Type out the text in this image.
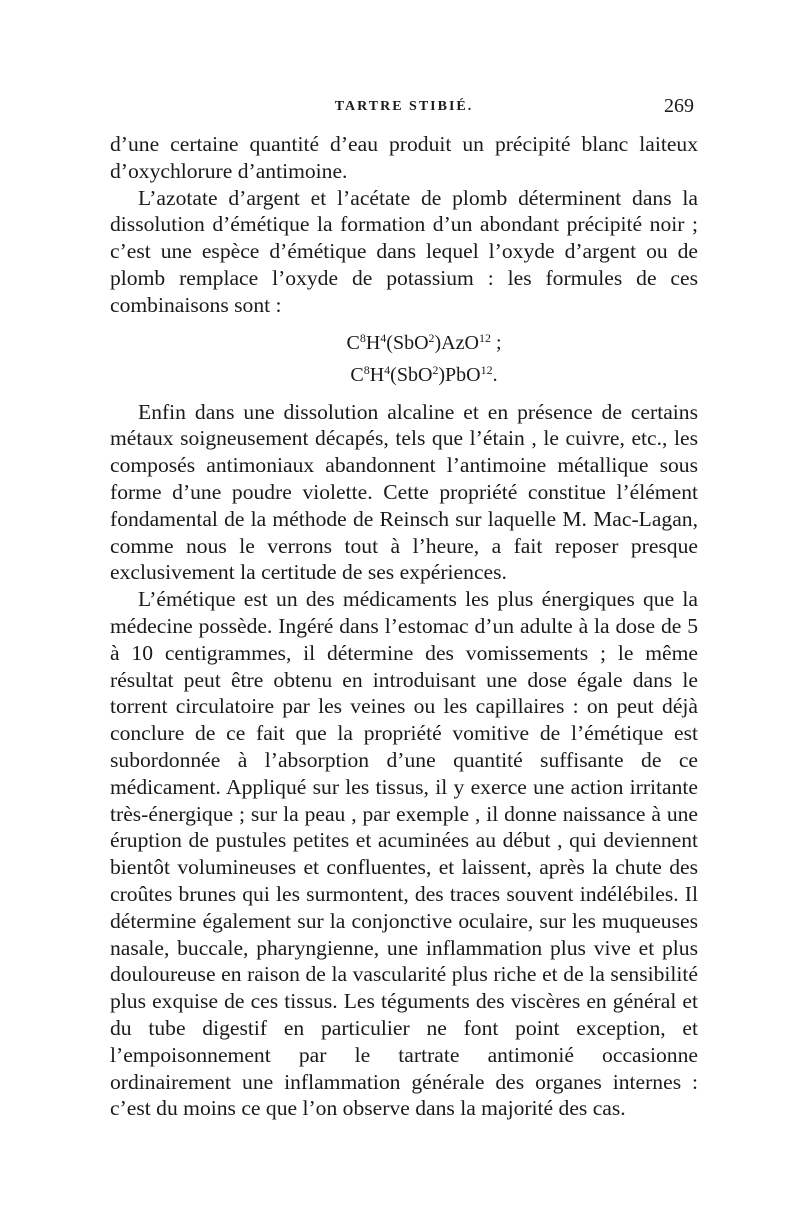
TARTRE STIBIÉ.	269

d’une certaine quantité d’eau produit un précipité blanc laiteux d’oxychlorure d’antimoine.

L’azotate d’argent et l’acétate de plomb déterminent dans la dissolution d’émétique la formation d’un abondant précipité noir ; c’est une espèce d’émétique dans lequel l’oxyde d’argent ou de plomb remplace l’oxyde de potassium : les formules de ces combinaisons sont :

$C^8H^4(SbO^2)AzO^{12}$ ;
$C^8H^4(SbO^2)PbO^{12}$.

Enfin dans une dissolution alcaline et en présence de certains métaux soigneusement décapés, tels que l’étain , le cuivre, etc., les composés antimoniaux abandonnent l’antimoine métallique sous forme d’une poudre violette. Cette propriété constitue l’élément fondamental de la méthode de Reinsch sur laquelle M. Mac-Lagan, comme nous le verrons tout à l’heure, a fait reposer presque exclusivement la certitude de ses expériences.

L’émétique est un des médicaments les plus énergiques que la médecine possède. Ingéré dans l’estomac d’un adulte à la dose de 5 à 10 centigrammes, il détermine des vomissements ; le même résultat peut être obtenu en introduisant une dose égale dans le torrent circulatoire par les veines ou les capillaires : on peut déjà conclure de ce fait que la propriété vomitive de l’émétique est subordonnée à l’absorption d’une quantité suffisante de ce médicament. Appliqué sur les tissus, il y exerce une action irritante très-énergique ; sur la peau , par exemple , il donne naissance à une éruption de pustules petites et acuminées au début , qui deviennent bientôt volumineuses et confluentes, et laissent, après la chute des croûtes brunes qui les surmontent, des traces souvent indélébiles. Il détermine également sur la conjonctive oculaire, sur les muqueuses nasale, buccale, pharyngienne, une inflammation plus vive et plus douloureuse en raison de la vascularité plus riche et de la sensibilité plus exquise de ces tissus. Les téguments des viscères en général et du tube digestif en particulier ne font point exception, et l’empoisonnement par le tartrate antimonié occasionne ordinairement une inflammation générale des organes internes : c’est du moins ce que l’on observe dans la majorité des cas.
